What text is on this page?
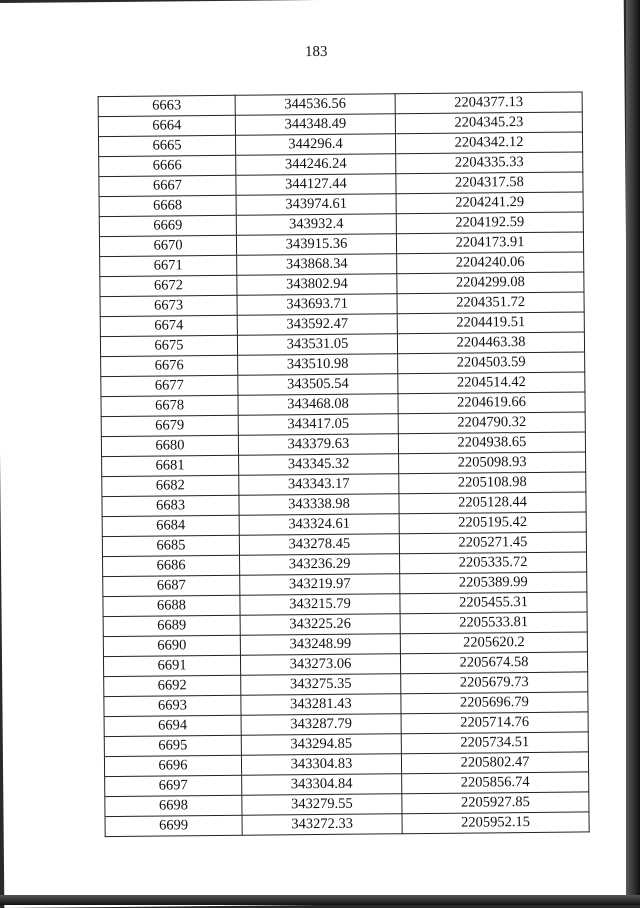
183
6663	344536.56	2204377.13
6664	344348.49	2204345.23
6665	344296.4	2204342.12
6666	344246.24	2204335.33
6667	344127.44	2204317.58
6668	343974.61	2204241.29
6669	343932.4	2204192.59
6670	343915.36	2204173.91
6671	343868.34	2204240.06
6672	343802.94	2204299.08
6673	343693.71	2204351.72
6674	343592.47	2204419.51
6675	343531.05	2204463.38
6676	343510.98	2204503.59
6677	343505.54	2204514.42
6678	343468.08	2204619.66
6679	343417.05	2204790.32
6680	343379.63	2204938.65
6681	343345.32	2205098.93
6682	343343.17	2205108.98
6683	343338.98	2205128.44
6684	343324.61	2205195.42
6685	343278.45	2205271.45
6686	343236.29	2205335.72
6687	343219.97	2205389.99
6688	343215.79	2205455.31
6689	343225.26	2205533.81
6690	343248.99	2205620.2
6691	343273.06	2205674.58
6692	343275.35	2205679.73
6693	343281.43	2205696.79
6694	343287.79	2205714.76
6695	343294.85	2205734.51
6696	343304.83	2205802.47
6697	343304.84	2205856.74
6698	343279.55	2205927.85
6699	343272.33	2205952.15
